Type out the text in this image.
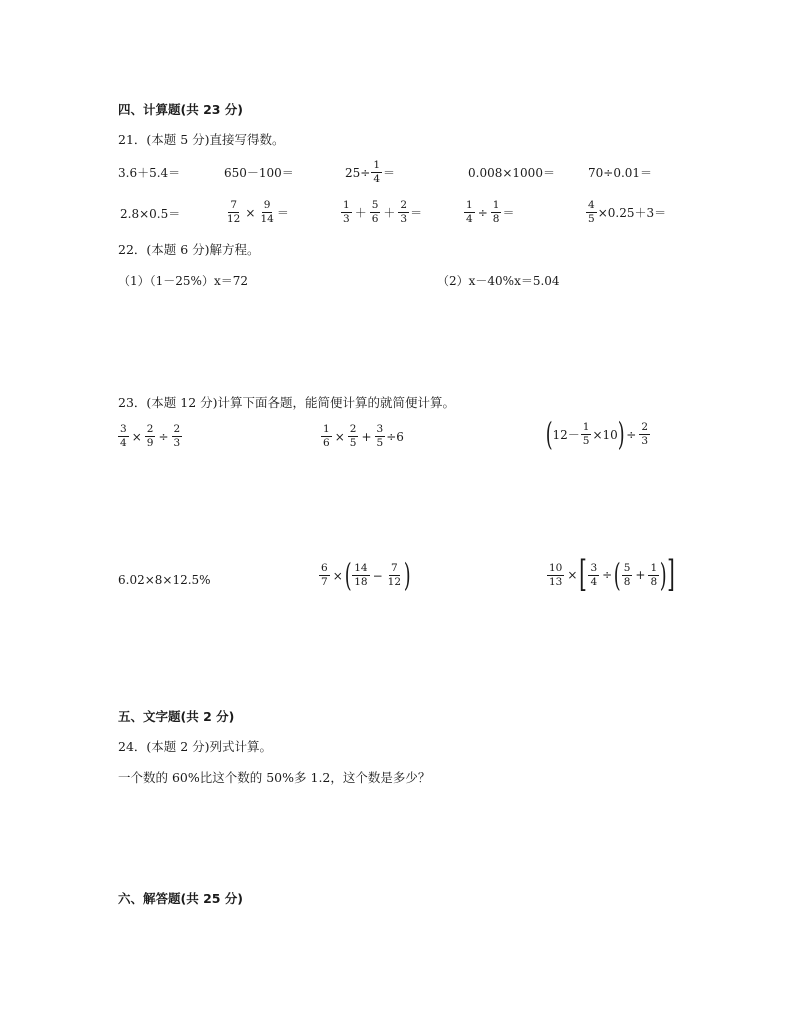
四、计算题(共 23 分)
21．(本题 5 分)直接写得数。
3.6＋5.4＝	650－100＝	$25\div \frac{1}{4}$ ＝	0.008×1000＝	70÷0.01＝
2.8×0.5＝	$\frac{7}{12} \times \frac{9}{14}$ ＝	$\frac{1}{3} + \frac{5}{6} + \frac{2}{3}$ ＝	$\frac{1}{4} \div \frac{1}{8}$ ＝	$\frac{4}{5} \times 0.25+3=$
22．(本题 6 分)解方程。
（1）（1－25%）x＝72	（2）x－40%x＝5.04
23．(本题 12 分)计算下面各题，能简便计算的就简便计算。
$\frac{3}{4} \times \frac{2}{9} \div \frac{2}{3}$	$\frac{1}{6} \times \frac{2}{5} + \frac{3}{5} \div 6$	( $12- \frac{1}{5} \times 10$ ) ÷ $\frac{2}{3}$
6.02×8×12.5%	$\frac{6}{7}$ × ( $\frac{14}{18} - \frac{7}{12}$ )	$\frac{10}{13}$ × [ $\frac{3}{4}$ ÷ ( $\frac{5}{8} + \frac{1}{8}$ ) ]
五、文字题(共 2 分)
24．(本题 2 分)列式计算。
一个数的 60%比这个数的 50%多 1.2，这个数是多少？
六、解答题(共 25 分)
